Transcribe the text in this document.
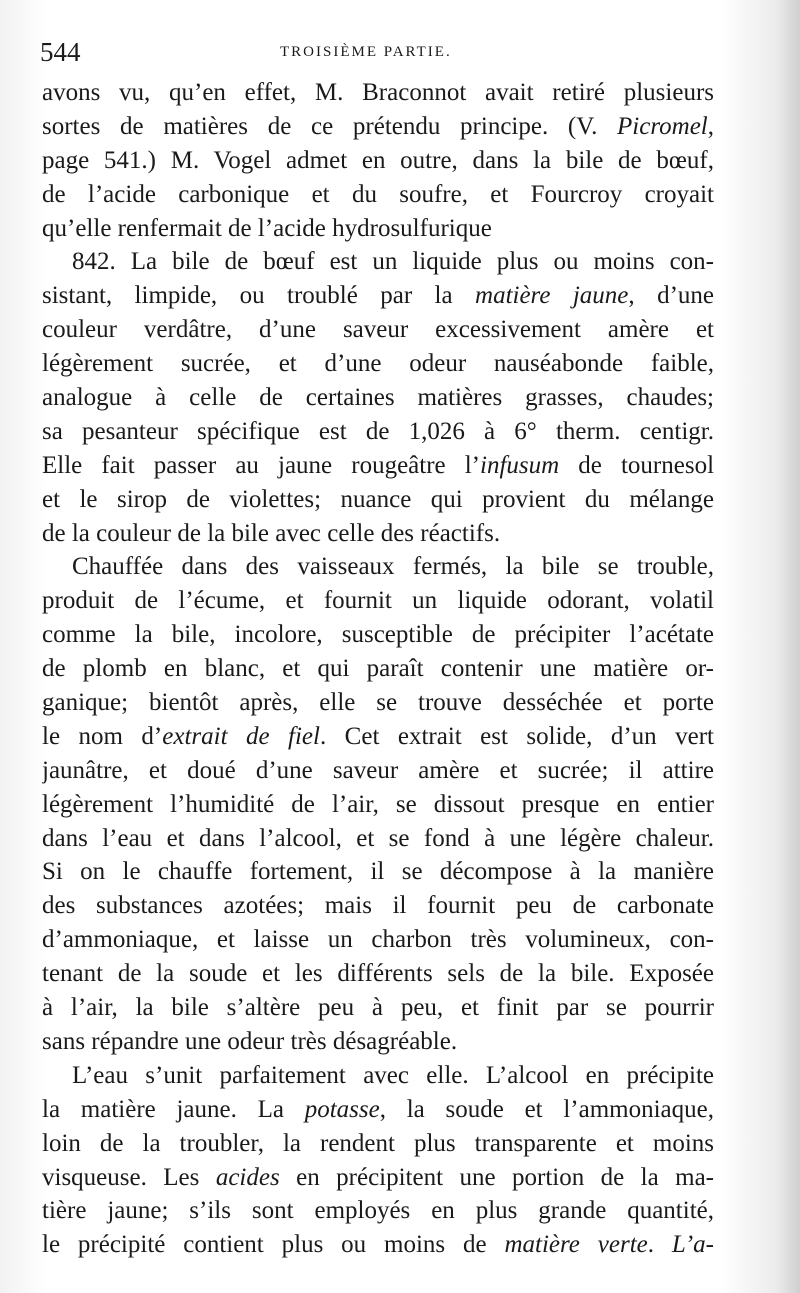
544	TROISIÈME PARTIE.
avons vu, qu’en effet, M. Braconnot avait retiré plusieurs
sortes de matières de ce prétendu principe. (V. Picromel,
page 541.) M. Vogel admet en outre, dans la bile de bœuf,
de l’acide carbonique et du soufre, et Fourcroy croyait
qu’elle renfermait de l’acide hydrosulfurique
842. La bile de bœuf est un liquide plus ou moins con-
sistant, limpide, ou troublé par la matière jaune, d’une
couleur verdâtre, d’une saveur excessivement amère et
légèrement sucrée, et d’une odeur nauséabonde faible,
analogue à celle de certaines matières grasses, chaudes;
sa pesanteur spécifique est de 1,026 à 6° therm. centigr.
Elle fait passer au jaune rougeâtre l’infusum de tournesol
et le sirop de violettes; nuance qui provient du mélange
de la couleur de la bile avec celle des réactifs.
Chauffée dans des vaisseaux fermés, la bile se trouble,
produit de l’écume, et fournit un liquide odorant, volatil
comme la bile, incolore, susceptible de précipiter l’acétate
de plomb en blanc, et qui paraît contenir une matière or-
ganique; bientôt après, elle se trouve desséchée et porte
le nom d’extrait de fiel. Cet extrait est solide, d’un vert
jaunâtre, et doué d’une saveur amère et sucrée; il attire
légèrement l’humidité de l’air, se dissout presque en entier
dans l’eau et dans l’alcool, et se fond à une légère chaleur.
Si on le chauffe fortement, il se décompose à la manière
des substances azotées; mais il fournit peu de carbonate
d’ammoniaque, et laisse un charbon très volumineux, con-
tenant de la soude et les différents sels de la bile. Exposée
à l’air, la bile s’altère peu à peu, et finit par se pourrir
sans répandre une odeur très désagréable.
L’eau s’unit parfaitement avec elle. L’alcool en précipite
la matière jaune. La potasse, la soude et l’ammoniaque,
loin de la troubler, la rendent plus transparente et moins
visqueuse. Les acides en précipitent une portion de la ma-
tière jaune; s’ils sont employés en plus grande quantité,
le précipité contient plus ou moins de matière verte. L’a-
